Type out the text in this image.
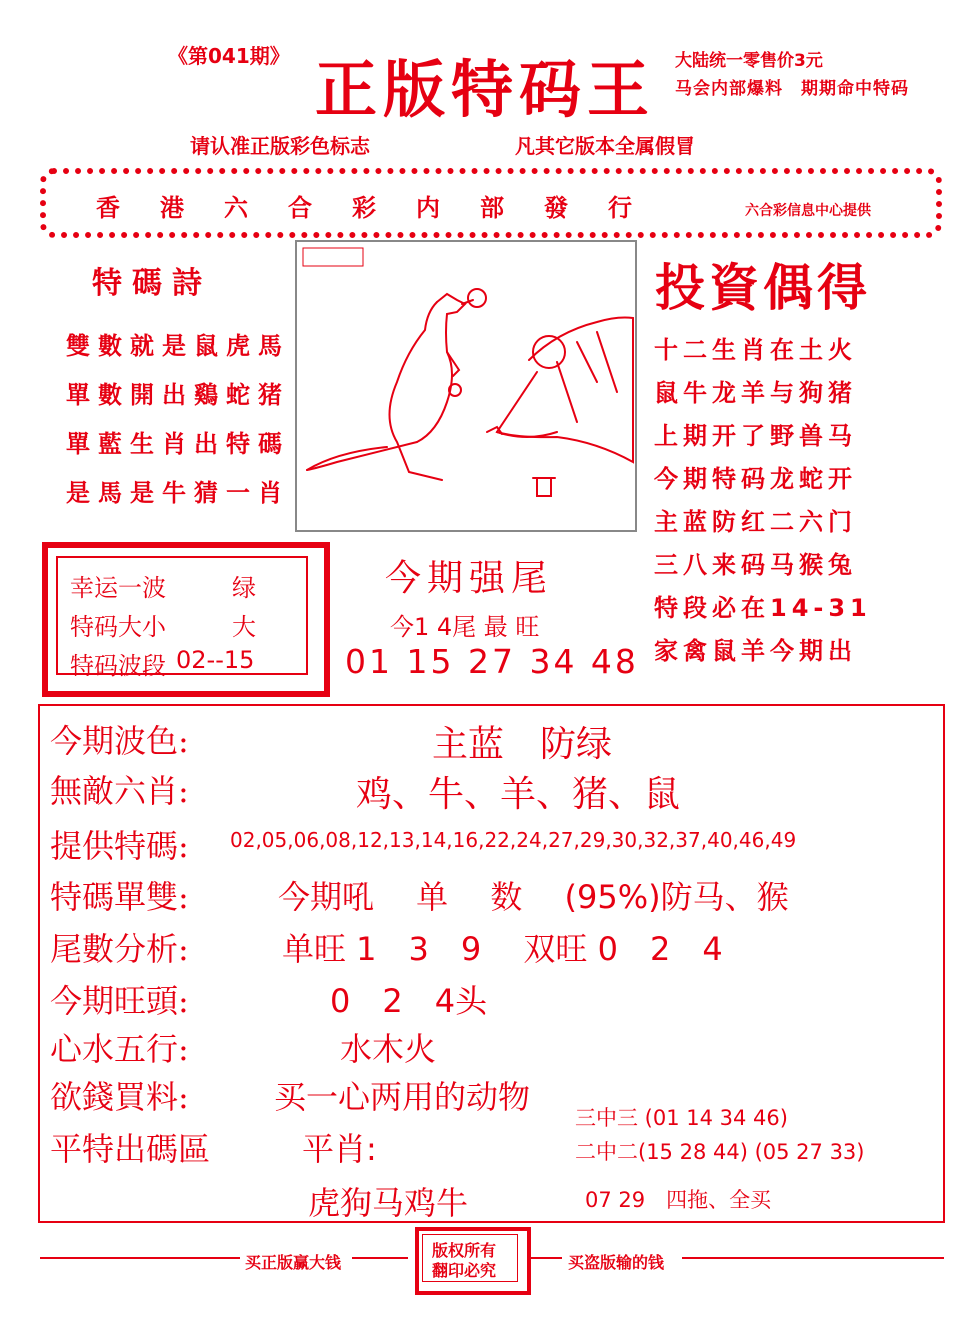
《第041期》 正版特码王 大陆统一零售价3元
马会内部爆料　期期命中特码
请认准正版彩色标志	凡其它版本全属假冒
香港六合彩内部發行	六合彩信息中心提供
特碼詩
雙數就是鼠虎馬
單數開出鷄蛇猪
單藍生肖出特碼
是馬是牛猜一肖
投資偶得
十二生肖在土火
鼠牛龙羊与狗猪
上期开了野兽马
今期特码龙蛇开
主蓝防红二六门
三八来码马猴兔
特段必在14-31
家禽鼠羊今期出
幸运一波	绿
特码大小	大
特码波段 02--15
今期强尾
今1 4尾 最 旺
01 15 27 34 48
今期波色:	主蓝　防绿
無敵六肖:	鸡、牛、羊、猪、鼠
提供特碼: 02,05,06,08,12,13,14,16,22,24,27,29,30,32,37,40,46,49
特碼單雙:	今期吼　 单　 数　 (95%)防马、猴
尾數分析:	单旺 1　3　9　 双旺 0　2　4
今期旺頭:	0　2　4头
心水五行:	水木火
欲錢買料:	买一心两用的动物
平特出碼區	平肖:
虎狗马鸡牛
三中三 (01 14 34 46)
二中二(15 28 44) (05 27 33)
07 29　四拖、全买
买正版赢大钱
版权所有
翻印必究	买盗版输的钱
